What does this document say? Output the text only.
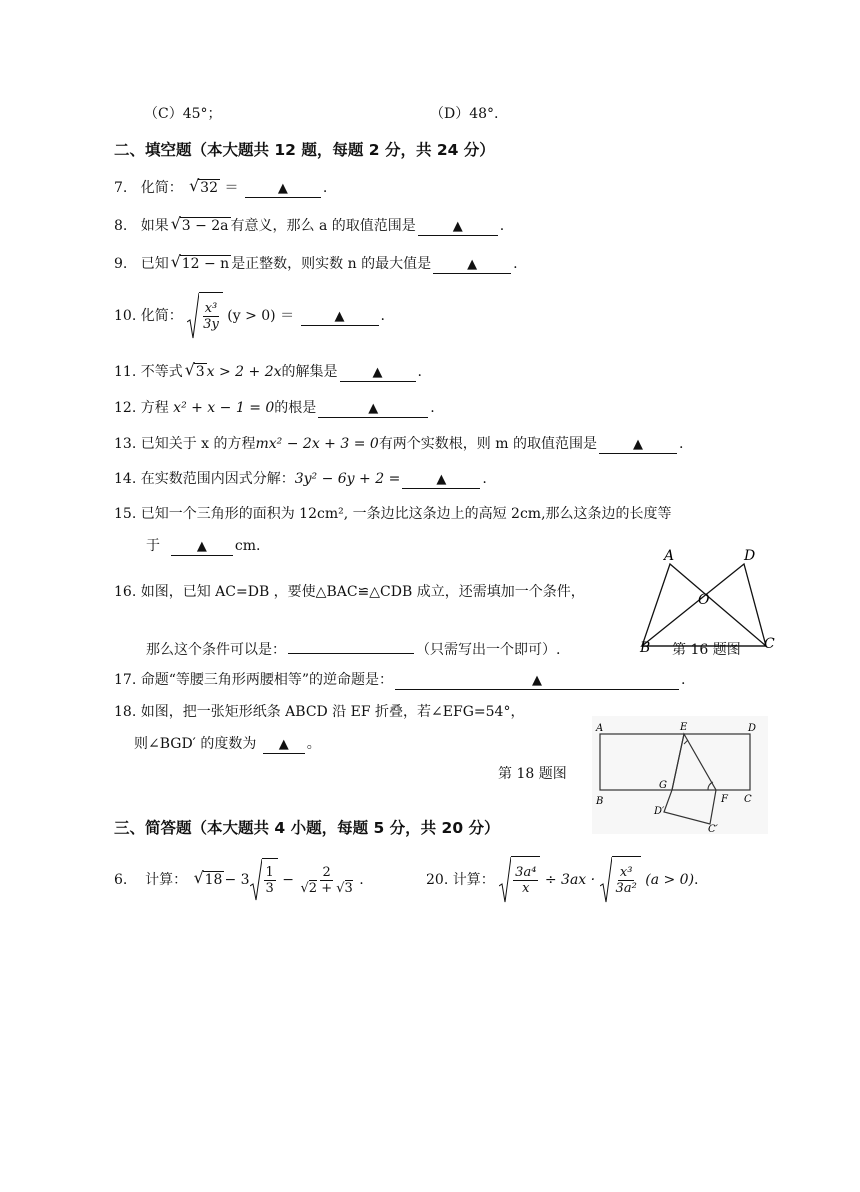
（C）45°；	（D）48°.
二、填空题（本大题共 12 题，每题 2 分，共 24 分）
7. 化简： √ 32 ＝	▲	.
8. 如果 √ 3 − 2a 有意义，那么 a 的取值范围是	▲	.
9. 已知 √ 12 − n 是正整数，则实数 n 的最大值是	▲	.
10. 化简： $\frac{\text{x³}}{3y} (y > 0)$ ＝	▲	.
11. 不等式 √ 3 x > 2 + 2x的解集是	▲	.
12. 方程 x² + x − 1 = 0的根是	▲	.
13. 已知关于 x 的方程mx² − 2x + 3 = 0有两个实数根，则 m 的取值范围是	▲	.
14. 在实数范围内因式分解：3y² − 6y + 2 =	▲	.
15. 已知一个三角形的面积为 12cm², 一条边比这条边上的高短 2cm,那么这条边的长度等
于	▲ cm.
16. 如图，已知 AC=DB ，要使△BAC≌△CDB 成立，还需填加一个条件，
那么这个条件可以是：	（只需写出一个即可）.
A	D
O
B	C
第 16 题图
17. 命题“等腰三角形两腰相等”的逆命题是：	▲	.
18. 如图，把一张矩形纸条 ABCD 沿 EF 折叠，若∠EFG=54°，
则∠BGD′ 的度数为 ▲ 。
第 18 题图
A	E	D
B
G
F C
D′
C′
三、简答题（本大题共 4 小题，每题 5 分，共 20 分）
6. 计算： √ $18 - 3 \frac{1}{3} - \frac{2}{√2 + √3}$ .	20. 计算： $\frac{\text{3a⁴}}{x} \div 3ax \cdot \frac{\text{x³}}{\text{3a²}} (a > 0)$.
